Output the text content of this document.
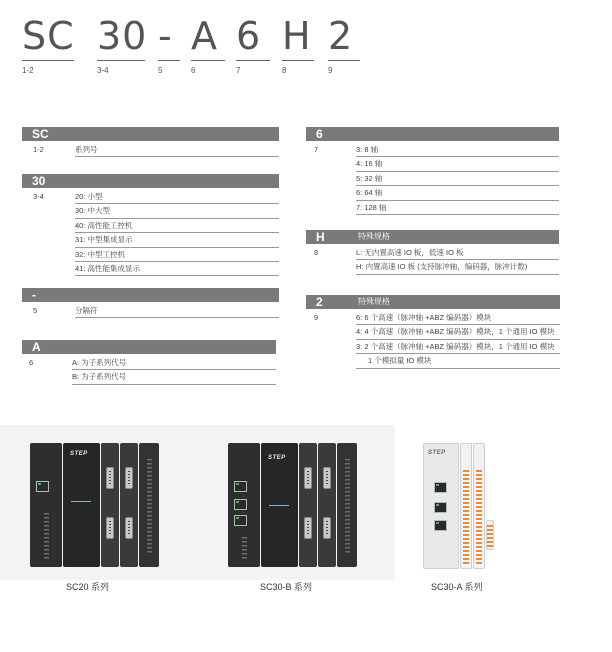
SC
1-2
30
3-4
-
5
A
6
6
7
H
8
2
9
SC
1-2	系列号
30
3-4	20: 小型
30: 中大型
40: 高性能工控机
31: 中型集成显示
32: 中型工控机
41: 高性能集成显示
-
5	分隔符
A
6	A: 为子系列代号
B: 为子系列代号
6
7	3: 8 轴
4: 16 轴
5: 32 轴
6: 64 轴
7: 128 轴
H	特殊规格
8	L: 无内置高速 IO 板，低速 IO 板
H: 内置高速 IO 板 (支持脉冲轴，编码器，脉冲计数)
2	特殊规格
9	6: 6 个高速（脉冲轴 +ABZ 编码器）模块
4: 4 个高速（脉冲轴 +ABZ 编码器）模块，1 个通用 IO 模块
3: 2 个高速（脉冲轴 +ABZ 编码器）模块，1 个通用 IO 模块
1 个模拟量 IO 模块
STEP
SC20 系列
STEP
SC30-B 系列
STEP
SC30-A 系列
